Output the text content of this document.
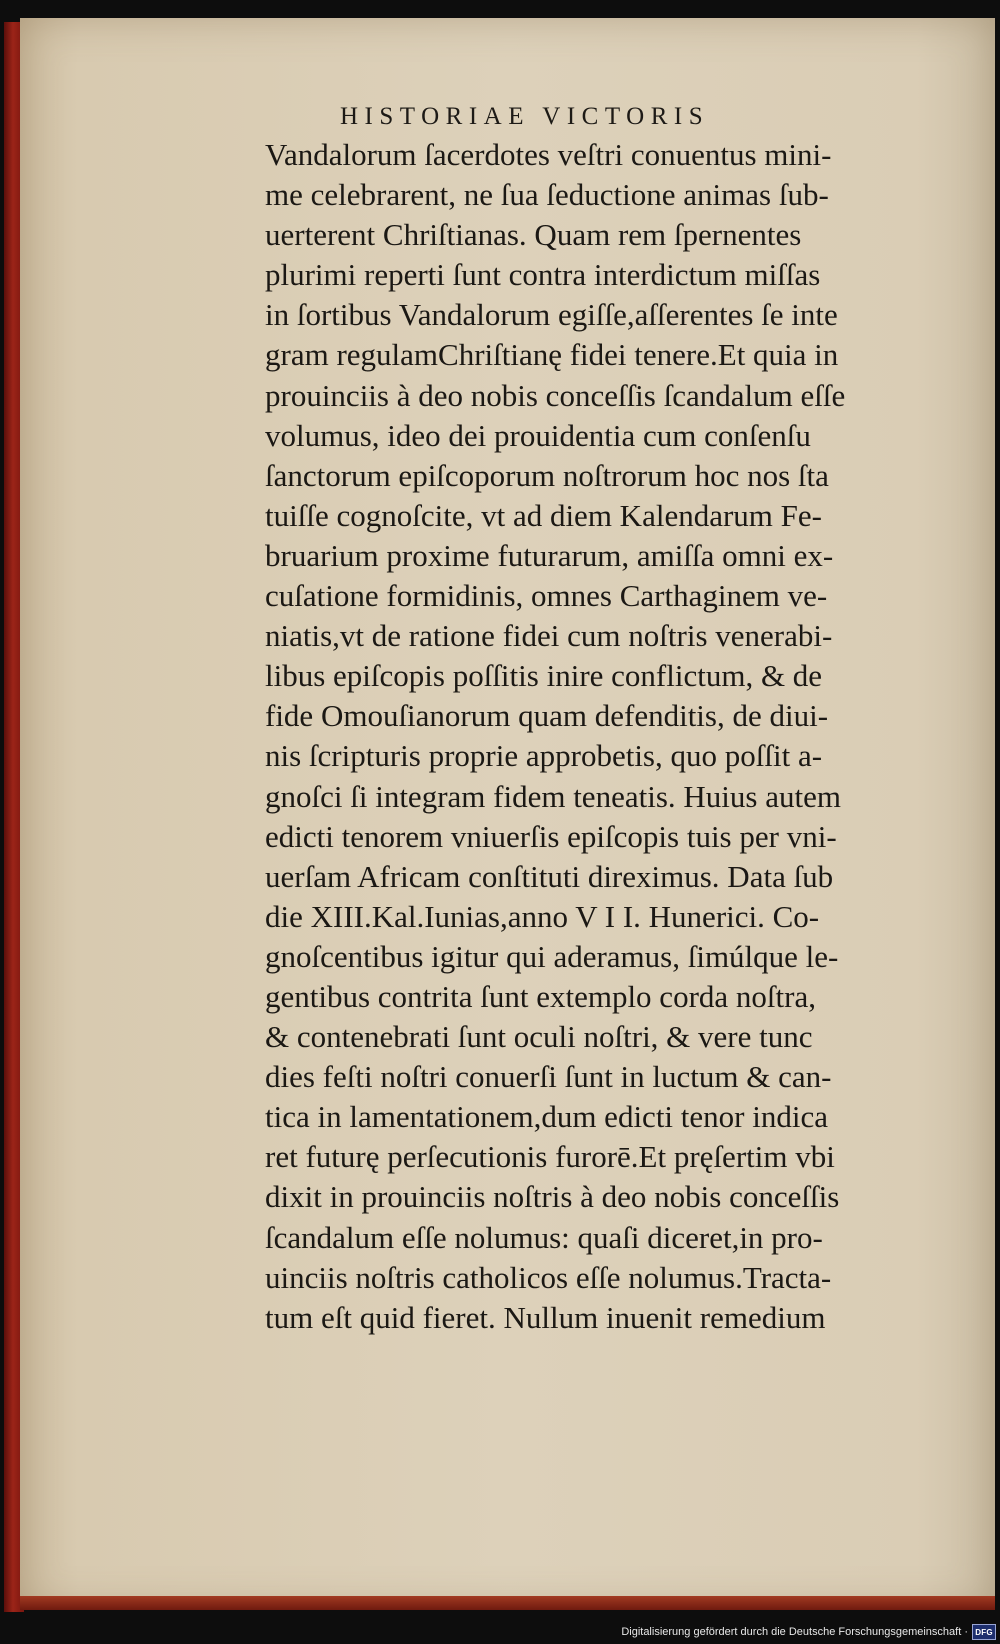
HISTORIAE VICTORIS
Vandalorum ſacerdotes veſtri conuentus mini-
me celebrarent, ne ſua ſeductione animas ſub-
uerterent Chriſtianas. Quam rem ſpernentes
plurimi reperti ſunt contra interdictum miſſas
in ſortibus Vandalorum egiſſe,aſſerentes ſe inte
gram regulamChriſtianę fidei tenere.Et quia in
prouinciis à deo nobis conceſſis ſcandalum eſſe
volumus, ideo dei prouidentia cum conſenſu
ſanctorum epiſcoporum noſtrorum hoc nos ſta
tuiſſe cognoſcite, vt ad diem Kalendarum Fe-
bruarium proxime futurarum, amiſſa omni ex-
cuſatione formidinis, omnes Carthaginem ve-
niatis,vt de ratione fidei cum noſtris venerabi-
libus epiſcopis poſſitis inire conflictum, & de
fide Omouſianorum quam defenditis, de diui-
nis ſcripturis proprie approbetis, quo poſſit a-
gnoſci ſi integram fidem teneatis. Huius autem
edicti tenorem vniuerſis epiſcopis tuis per vni-
uerſam Africam conſtituti direximus. Data ſub
die XIII.Kal.Iunias,anno V I I. Hunerici. Co-
gnoſcentibus igitur qui aderamus, ſimúlque le-
gentibus contrita ſunt extemplo corda noſtra,
& contenebrati ſunt oculi noſtri, & vere tunc
dies feſti noſtri conuerſi ſunt in luctum & can-
tica in lamentationem,dum edicti tenor indica
ret futurę perſecutionis furorē.Et pręſertim vbi
dixit in prouinciis noſtris à deo nobis conceſſis
ſcandalum eſſe nolumus: quaſi diceret,in pro-
uinciis noſtris catholicos eſſe nolumus.Tracta-
tum eſt quid fieret. Nullum inuenit remedium
Digitalisierung gefördert durch die Deutsche Forschungsgemeinschaft · DFG
